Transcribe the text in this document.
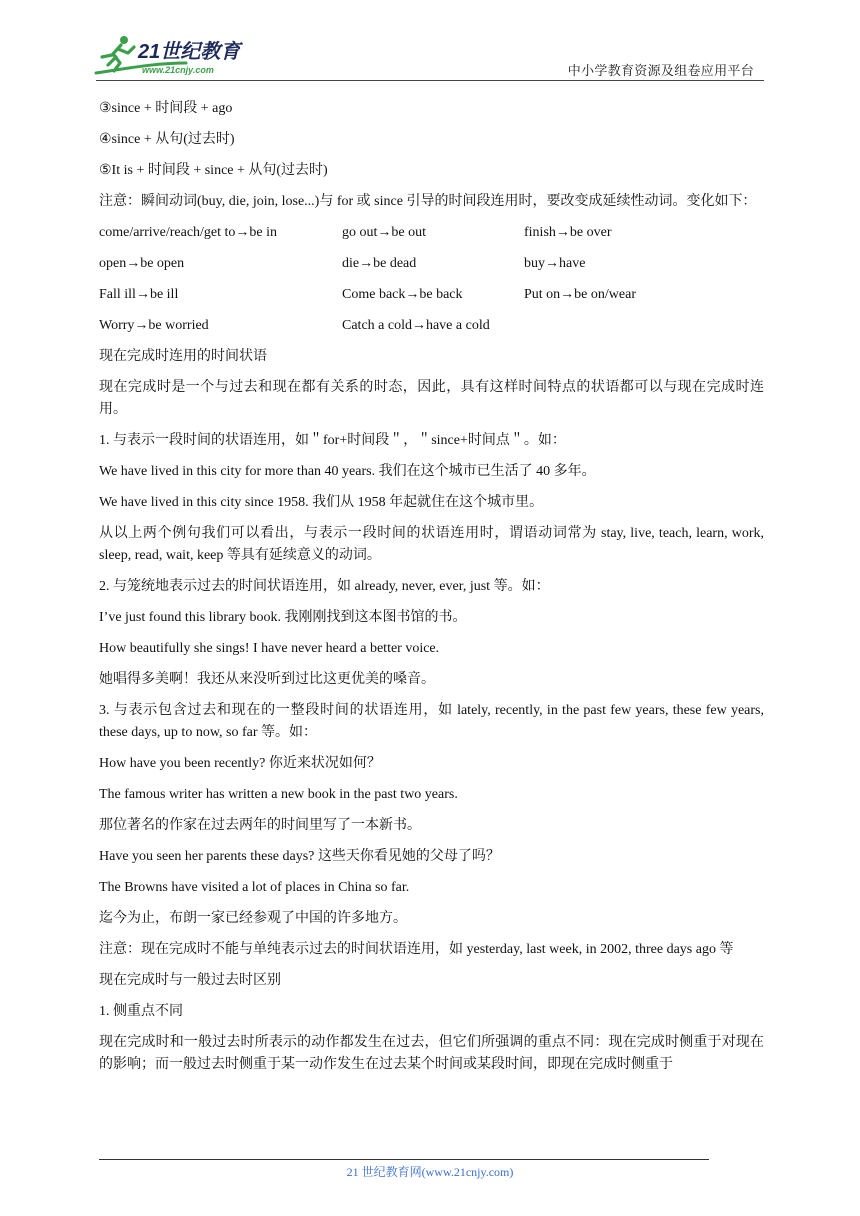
21世纪教育
www.21cnjy.com	中小学教育资源及组卷应用平台

③since + 时间段 + ago

④since + 从句(过去时)

⑤It is + 时间段 + since + 从句(过去时)

注意：瞬间动词(buy, die, join, lose...)与 for 或 since 引导的时间段连用时，要改变成延续性动词。变化如下：

come/arrive/reach/get to→be in	go out→be out	finish→be over
open→be open	die→be dead	buy→have
Fall ill→be ill	Come back→be back	Put on→be on/wear
Worry→be worried	Catch a cold→have a cold

现在完成时连用的时间状语

现在完成时是一个与过去和现在都有关系的时态，因此，具有这样时间特点的状语都可以与现在完成时连用。

1. 与表示一段时间的状语连用，如＂for+时间段＂，＂since+时间点＂。如：

We have lived in this city for more than 40 years. 我们在这个城市已生活了 40 多年。

We have lived in this city since 1958. 我们从 1958 年起就住在这个城市里。

从以上两个例句我们可以看出，与表示一段时间的状语连用时，谓语动词常为 stay, live, teach, learn, work, sleep, read, wait, keep 等具有延续意义的动词。

2. 与笼统地表示过去的时间状语连用，如 already, never, ever, just 等。如：

I’ve just found this library book. 我刚刚找到这本图书馆的书。

How beautifully she sings! I have never heard a better voice.

她唱得多美啊！我还从来没听到过比这更优美的嗓音。

3. 与表示包含过去和现在的一整段时间的状语连用，如 lately, recently, in the past few years, these few years, these days, up to now, so far 等。如：

How have you been recently? 你近来状况如何？

The famous writer has written a new book in the past two years.

那位著名的作家在过去两年的时间里写了一本新书。

Have you seen her parents these days? 这些天你看见她的父母了吗？

The Browns have visited a lot of places in China so far.

迄今为止，布朗一家已经参观了中国的许多地方。

注意：现在完成时不能与单纯表示过去的时间状语连用，如 yesterday, last week, in 2002, three days ago 等

现在完成时与一般过去时区别

1. 侧重点不同

现在完成时和一般过去时所表示的动作都发生在过去，但它们所强调的重点不同：现在完成时侧重于对现在的影响；而一般过去时侧重于某一动作发生在过去某个时间或某段时间，即现在完成时侧重于

21 世纪教育网(www.21cnjy.com)
